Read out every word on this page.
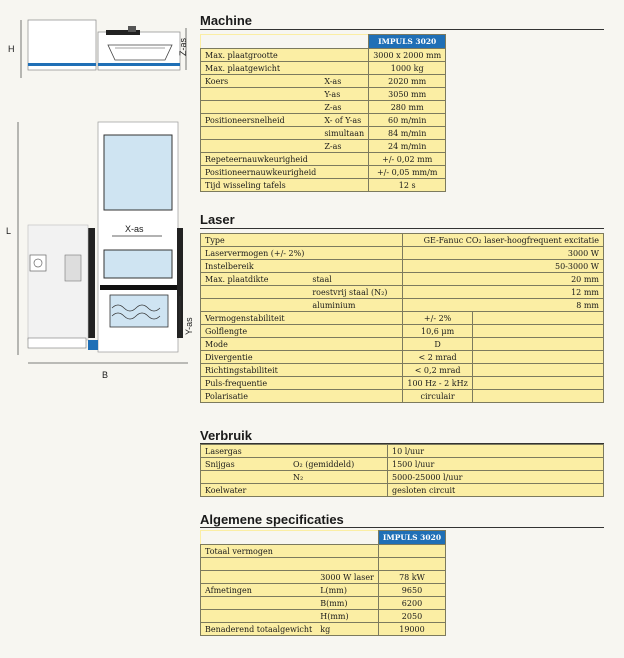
H	Z-as
L	X-as
Y-as
B
Machine
		IMPULS 3020
Max. plaatgrootte		3000 x 2000 mm
Max. plaatgewicht		1000 kg
Koers	X-as	2020 mm
	Y-as	3050 mm
	Z-as	280 mm
Positioneersnelheid	X- of Y-as	60 m/min
	simultaan	84 m/min
	Z-as	24 m/min
Repeteernauwkeurigheid		+/- 0,02 mm
Positioneernauwkeurigheid		+/- 0,05 mm/m
Tijd wisseling tafels		12 s
Laser
Type		GE-Fanuc CO₂ laser-hoogfrequent excitatie	
Laservermogen (+/- 2%)		3000 W	
Instelbereik		50-3000 W	
Max. plaatdikte	staal	20 mm	
	roestvrij staal (N₂)	12 mm	
	aluminium	8 mm	
Vermogenstabiliteit		+/- 2%	
Golflengte		10,6 μm	
Mode		D	
Divergentie		< 2 mrad	
Richtingstabiliteit		< 0,2 mrad	
Puls-frequentie		100 Hz - 2 kHz	
Polarisatie		circulair	
Verbruik
Lasergas		10 l/uur
Snijgas	O₂ (gemiddeld)	1500 l/uur
	N₂	5000-25000 l/uur
Koelwater		gesloten circuit
Algemene specificaties
		IMPULS 3020
Totaal vermogen		

	3000 W laser	78 kW
Afmetingen	L(mm)	9650
	B(mm)	6200
	H(mm)	2050
Benaderend totaalgewicht	kg	19000
